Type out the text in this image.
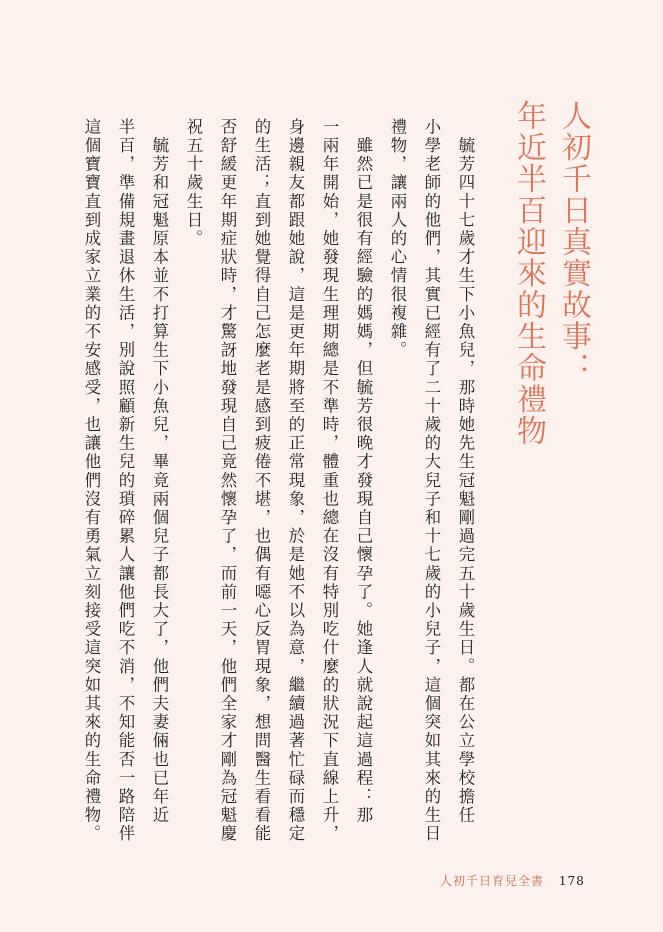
人初千日真實故事：
年近半百迎來的生命禮物
　毓芳四十七歲才生下小魚兒，那時她先生冠魁剛過完五十歲生日。都在公立學校擔任
小學老師的他們，其實已經有了二十歲的大兒子和十七歲的小兒子，這個突如其來的生日
禮物，讓兩人的心情很複雜。
　雖然已是很有經驗的媽媽，但毓芳很晚才發現自己懷孕了。她逢人就說起這過程：那
一兩年開始，她發現生理期總是不準時，體重也總在沒有特別吃什麼的狀況下直線上升，
身邊親友都跟她說，這是更年期將至的正常現象，於是她不以為意，繼續過著忙碌而穩定
的生活；直到她覺得自己怎麼老是感到疲倦不堪，也偶有噁心反胃現象，想問醫生看看能
否舒緩更年期症狀時，才驚訝地發現自己竟然懷孕了，而前一天，他們全家才剛為冠魁慶
祝五十歲生日。
　毓芳和冠魁原本並不打算生下小魚兒，畢竟兩個兒子都長大了，他們夫妻倆也已年近
半百，準備規畫退休生活，別說照顧新生兒的瑣碎累人讓他們吃不消，不知能否一路陪伴
這個寶寶直到成家立業的不安感受，也讓他們沒有勇氣立刻接受這突如其來的生命禮物。
人初千日育兒全書 178
